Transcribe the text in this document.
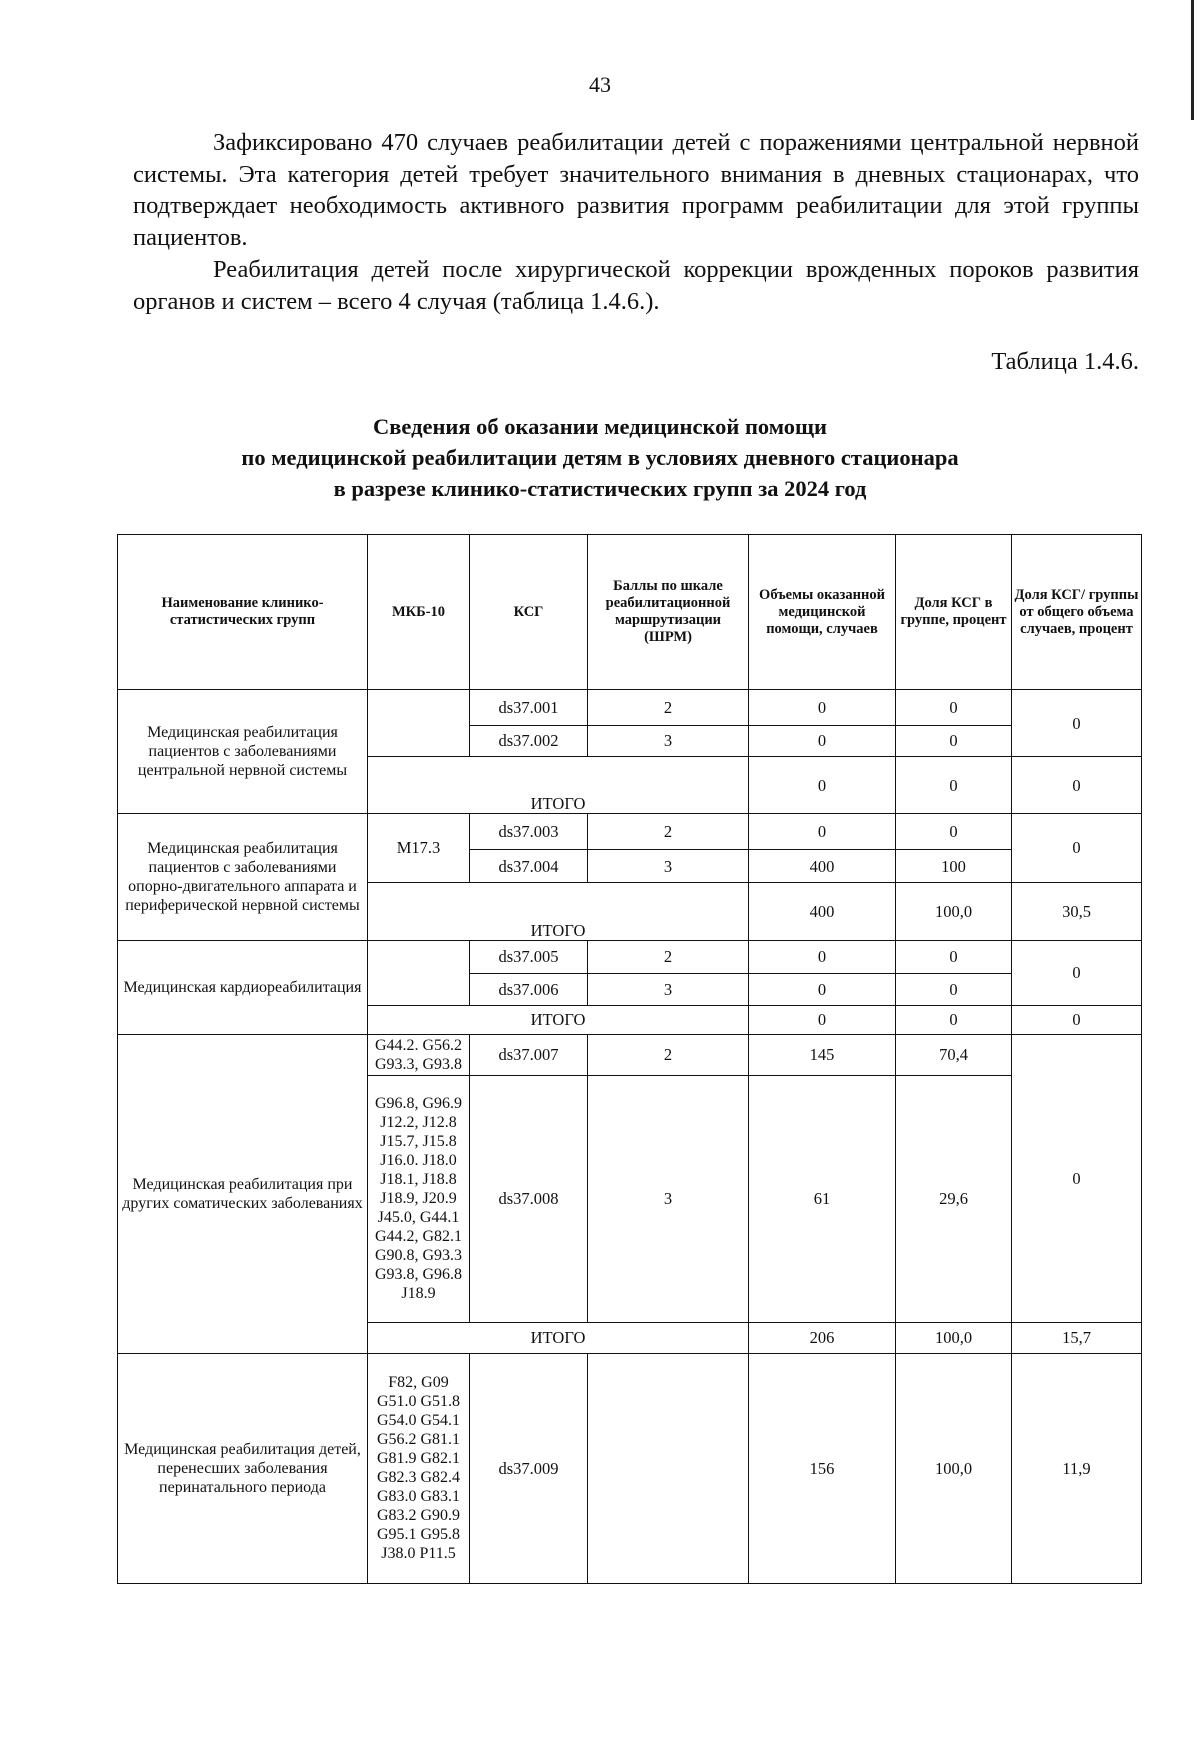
43

Зафиксировано 470 случаев реабилитации детей с поражениями центральной нервной системы. Эта категория детей требует значительного внимания в дневных стационарах, что подтверждает необходимость активного развития программ реабилитации для этой группы пациентов.

Реабилитация детей после хирургической коррекции врожденных пороков развития органов и систем – всего 4 случая (таблица 1.4.6.).

Таблица 1.4.6.
Сведения об оказании медицинской помощи
по медицинской реабилитации детям в условиях дневного стационара
в разрезе клинико-статистических групп за 2024 год
Наименование клинико-статистических групп	МКБ-10	КСГ	Баллы по шкале реабилитационной маршрутизации (ШРМ)	Объемы оказанной медицинской помощи, случаев	Доля КСГ в группе, процент	Доля КСГ/ группы от общего объема случаев, процент
Медицинская реабилитация пациентов с заболеваниями центральной нервной системы		ds37.001	2	0	0	0
		ds37.002	3	0	0	
	ИТОГО			0	0	0
Медицинская реабилитация пациентов с заболеваниями опорно-двигательного аппарата и периферической нервной системы	M17.3	ds37.003	2	0	0	0
		ds37.004	3	400	100	
	ИТОГО			400	100,0	30,5
Медицинская кардиореабилитация		ds37.005	2	0	0	0
		ds37.006	3	0	0	
	ИТОГО			0	0	0
Медицинская реабилитация при других соматических заболеваниях	G44.2. G56.2 G93.3, G93.8	ds37.007	2	145	70,4	0
	G96.8, G96.9 J12.2, J12.8 J15.7, J15.8 J16.0. J18.0 J18.1, J18.8 J18.9, J20.9 J45.0, G44.1 G44.2, G82.1 G90.8, G93.3 G93.8, G96.8 J18.9	ds37.008	3	61	29,6	
	ИТОГО			206	100,0	15,7
Медицинская реабилитация детей, перенесших заболевания перинатального периода	F82, G09 G51.0 G51.8 G54.0 G54.1 G56.2 G81.1 G81.9 G82.1 G82.3 G82.4 G83.0 G83.1 G83.2 G90.9 G95.1 G95.8 J38.0 P11.5	ds37.009		156	100,0	11,9
